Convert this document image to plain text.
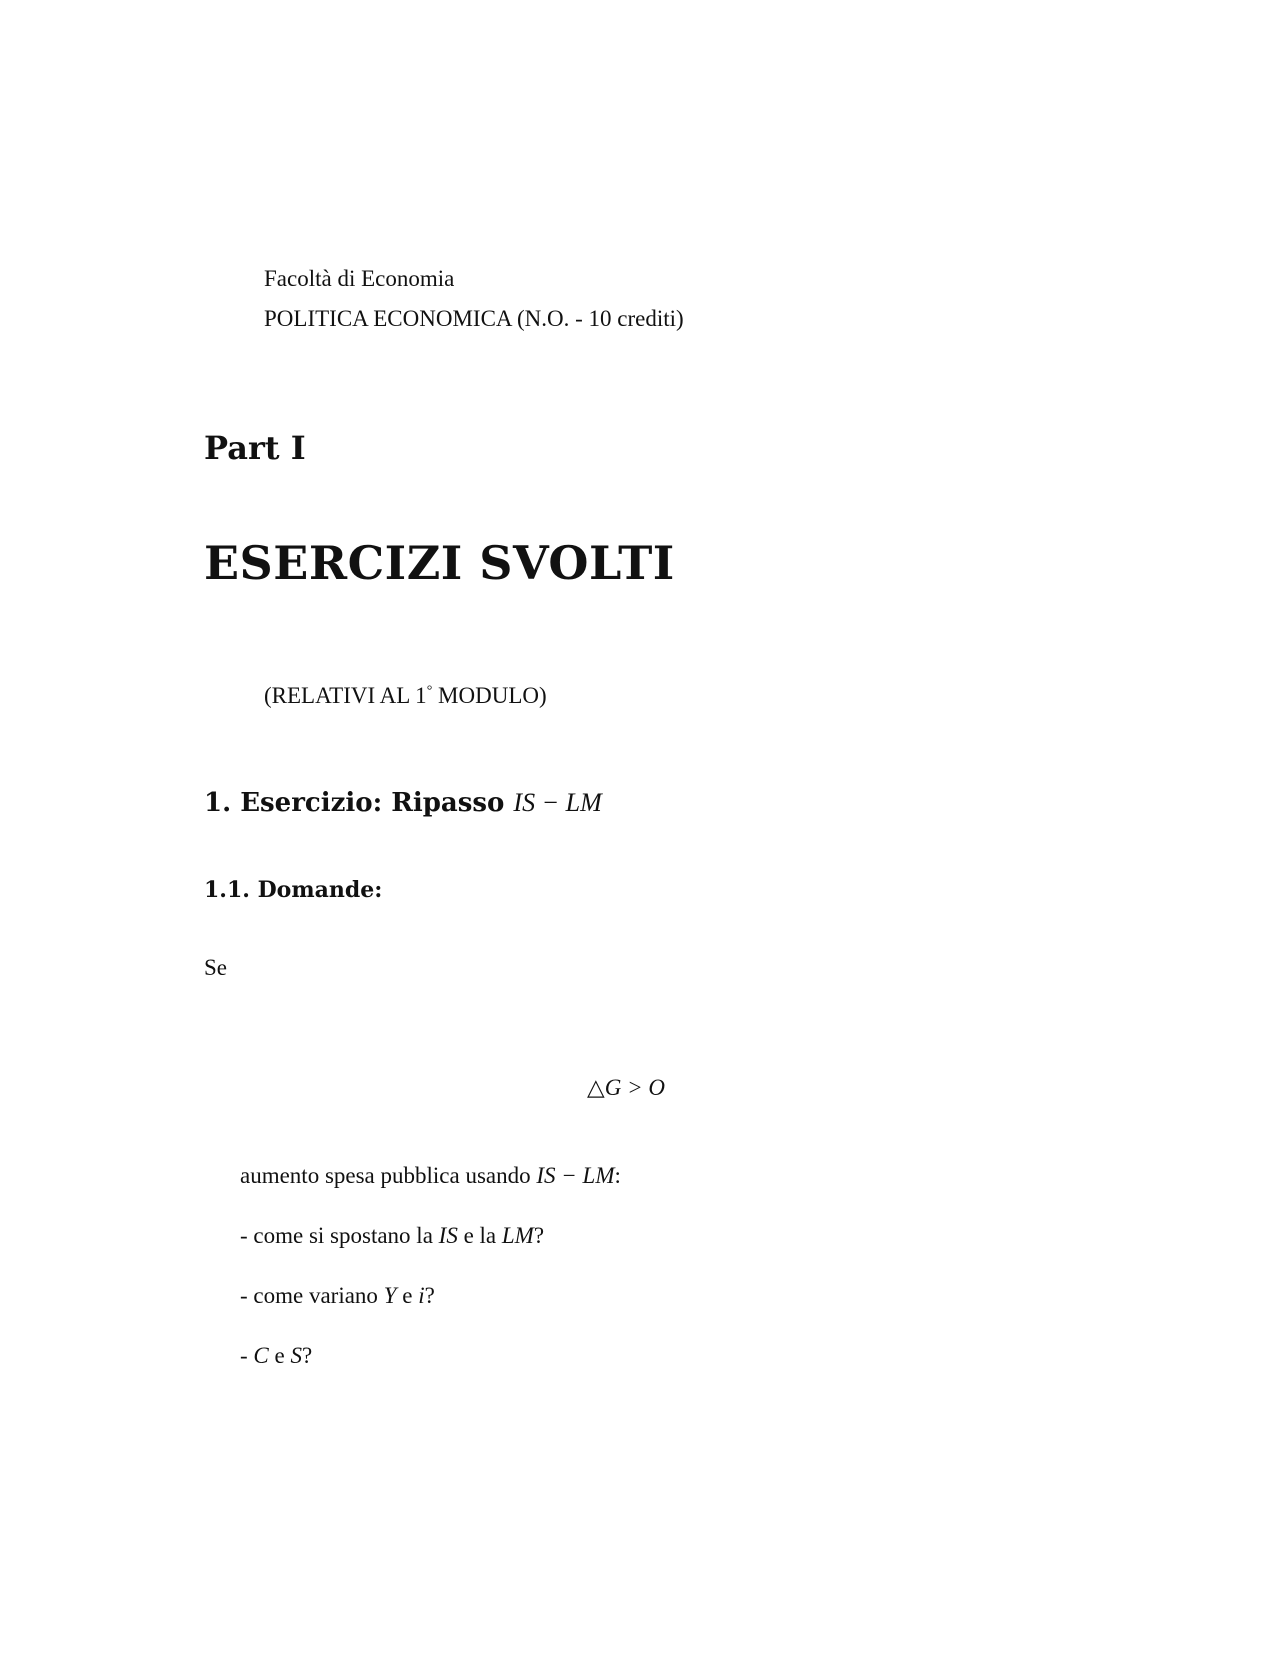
Facoltà di Economia
POLITICA ECONOMICA (N.O. - 10 crediti)
Part I
ESERCIZI SVOLTI
(RELATIVI AL 1° MODULO)
1. Esercizio: Ripasso IS − LM
1.1. Domande:
Se
△G > O
aumento spesa pubblica usando IS − LM:
- come si spostano la IS e la LM?
- come variano Y e i?
- C e S?
